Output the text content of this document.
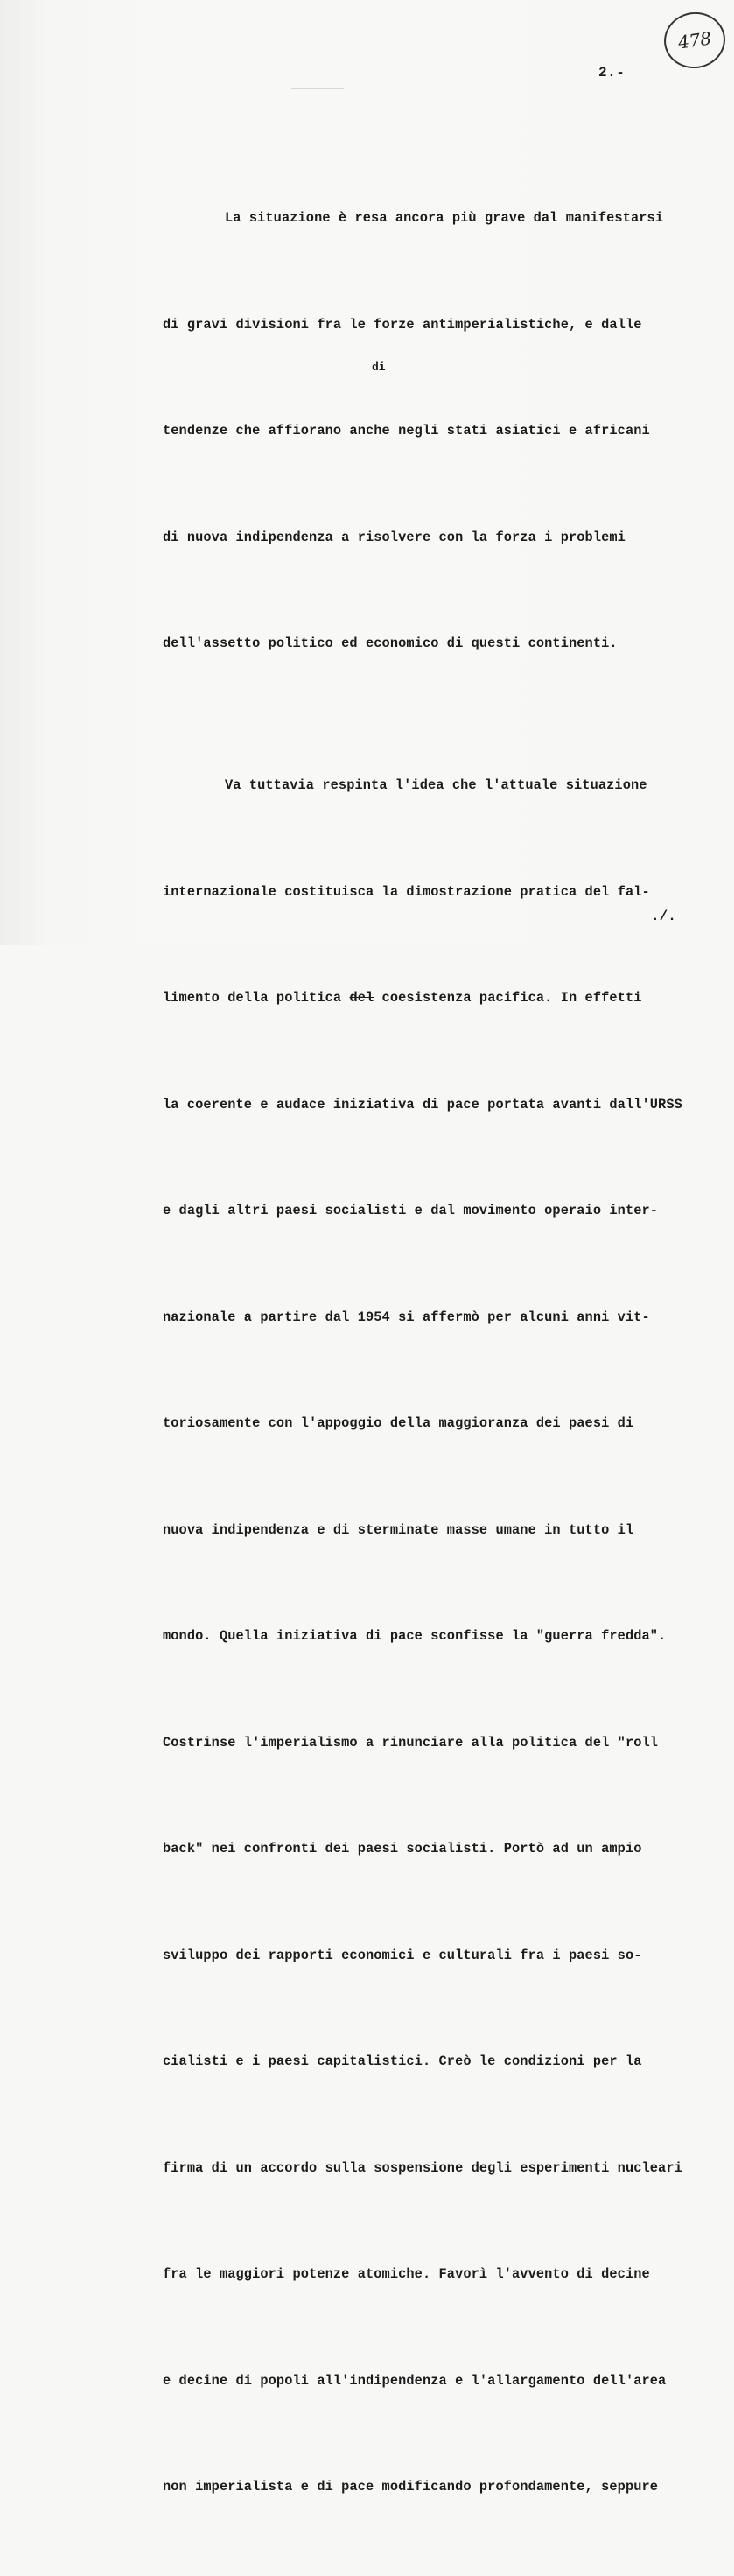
478
2.-

La situazione è resa ancora più grave dal manifestarsi

di gravi divisioni fra le forze antimperialistiche, e dalle

tendenze che affiorano anche negli stati asiatici e africani

di nuova indipendenza a risolvere con la forza i problemi

dell'assetto politico ed economico di questi continenti.

Va tuttavia respinta l'idea che l'attuale situazione

internazionale costituisca la dimostrazione pratica del fal-

limento della politica del coesistenza pacifica. In effetti

la coerente e audace iniziativa di pace portata avanti dall'URSS

e dagli altri paesi socialisti e dal movimento operaio inter-

nazionale a partire dal 1954 si affermò per alcuni anni vit-

toriosamente con l'appoggio della maggioranza dei paesi di

nuova indipendenza e di sterminate masse umane in tutto il

mondo. Quella iniziativa di pace sconfisse la "guerra fredda".

Costrinse l'imperialismo a rinunciare alla politica del "roll

back" nei confronti dei paesi socialisti. Portò ad un ampio

sviluppo dei rapporti economici e culturali fra i paesi so-

cialisti e i paesi capitalistici. Creò le condizioni per la

firma di un accordo sulla sospensione degli esperimenti nucleari

fra le maggiori potenze atomiche. Favorì l'avvento di decine

e decine di popoli all'indipendenza e l'allargamento dell'area

non imperialista e di pace modificando profondamente, seppure

di
./.
